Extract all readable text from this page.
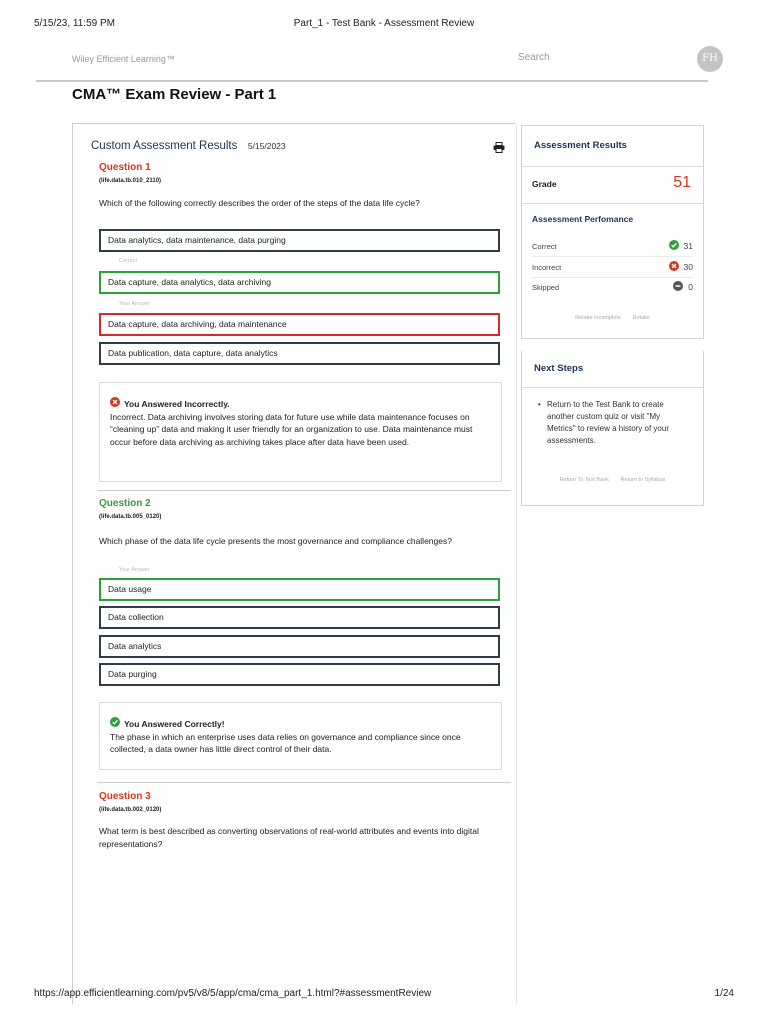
5/15/23, 11:59 PM	Part_1 - Test Bank - Assessment Review
Wiley Efficient Learning™	Search	FH
CMA™ Exam Review - Part 1
Custom Assessment Results 5/15/2023
Question 1
(life.data.tb.010_2110)
Which of the following correctly describes the order of the steps of the data life cycle?
Data analytics, data maintenance, data purging
Correct
Data capture, data analytics, data archiving
Your Answer
Data capture, data archiving, data maintenance
Data publication, data capture, data analytics
You Answered Incorrectly.
Incorrect. Data archiving involves storing data for future use while data maintenance focuses on “cleaning up” data and making it user friendly for an organization to use. Data maintenance must occur before data archiving as archiving takes place after data have been used.
Question 2
(life.data.tb.005_0120)
Which phase of the data life cycle presents the most governance and compliance challenges?
Your Answer
Data usage
Data collection
Data analytics
Data purging
You Answered Correctly!
The phase in which an enterprise uses data relies on governance and compliance since once collected, a data owner has little direct control of their data.
Question 3
(life.data.tb.002_0120)
What term is best described as converting observations of real-world attributes and events into digital representations?
Assessment Results
Grade	51
Assessment Perfomance
Correct	31
Incorrect	30
Skipped	0
Retake Incomplete Retake
Next Steps
• Return to the Test Bank to create another custom quiz or visit "My Metrics" to review a history of your assessments.
Return To Test Bank Return to Syllabus
https://app.efficientlearning.com/pv5/v8/5/app/cma/cma_part_1.html?#assessmentReview	1/24
